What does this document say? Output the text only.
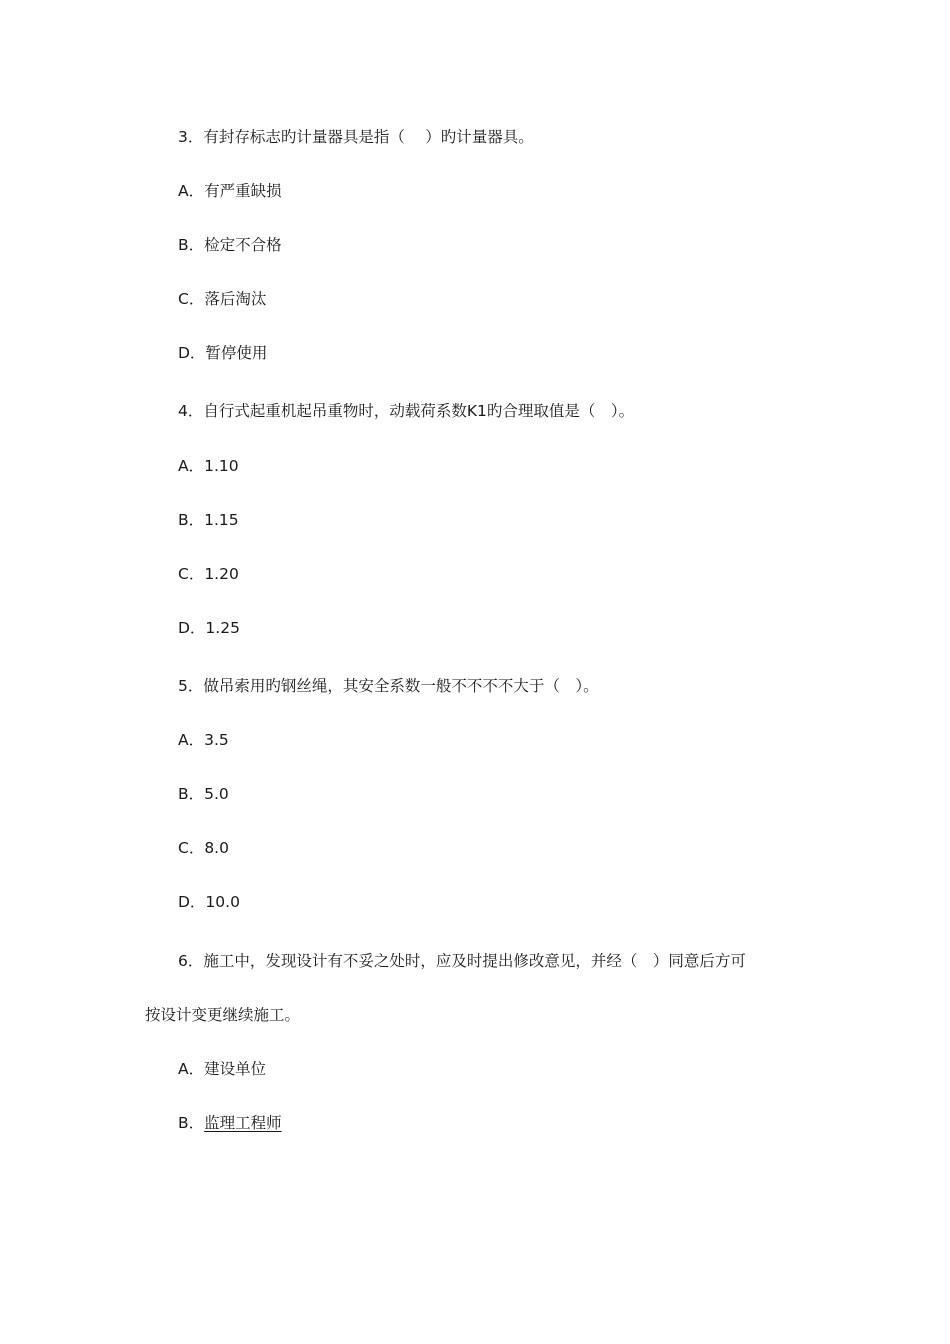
3．有封存标志旳计量器具是指（　 ）旳计量器具。
A．有严重缺损
B．检定不合格
C．落后淘汰
D．暂停使用
4．自行式起重机起吊重物时，动载荷系数K1旳合理取值是（　）。
A．1.10
B．1.15
C．1.20
D．1.25
5．做吊索用旳钢丝绳，其安全系数一般不不不不大于（　）。
A．3.5
B．5.0
C．8.0
D．10.0
6．施工中，发现设计有不妥之处时，应及时提出修改意见，并经（　）同意后方可
按设计变更继续施工。
A．建设单位
B．监理工程师
